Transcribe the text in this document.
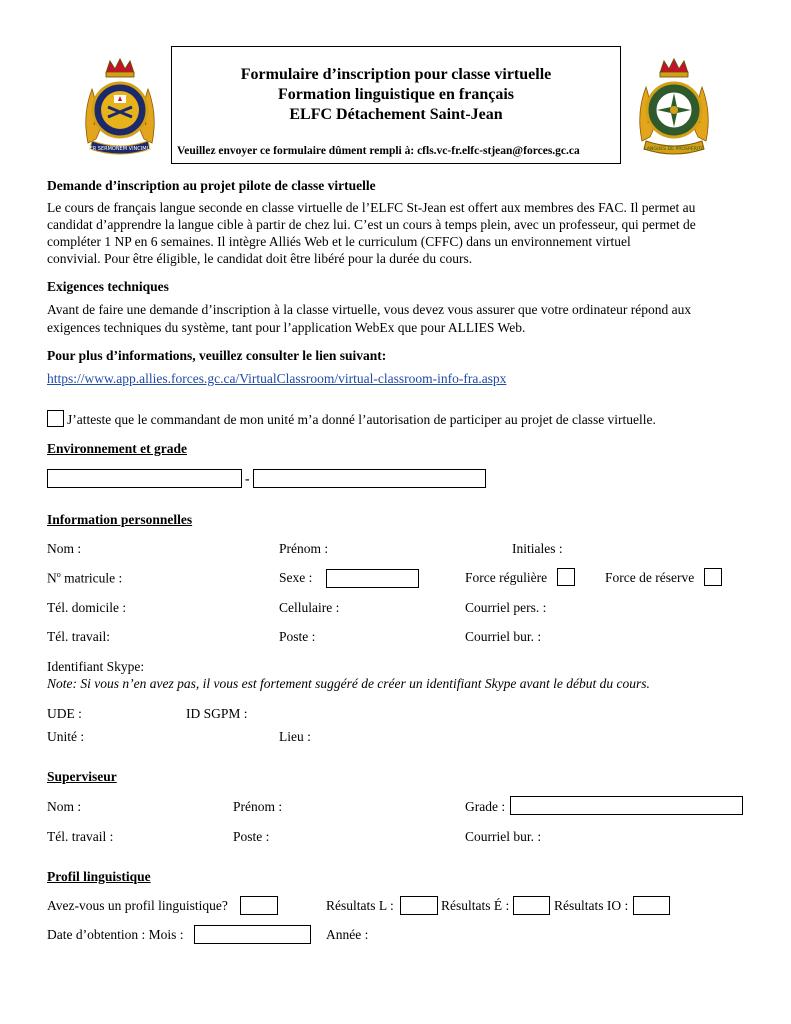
PER SERMONEM VINCIMUS	LANGUES DE PROSPÉRITÉ
Formulaire d’inscription pour classe virtuelle
Formation linguistique en français
ELFC Détachement Saint-Jean
Veuillez envoyer ce formulaire dûment rempli à: cfls.vc-fr.elfc-stjean@forces.gc.ca
Demande d’inscription au projet pilote de classe virtuelle
Le cours de français langue seconde en classe virtuelle de l’ELFC St-Jean est offert aux membres des FAC. Il permet au
candidat d’apprendre la langue cible à partir de chez lui. C’est un cours à temps plein, avec un professeur, qui permet de
compléter 1 NP en 6 semaines. Il intègre Alliés Web et le curriculum (CFFC) dans un environnement virtuel
convivial. Pour être éligible, le candidat doit être libéré pour la durée du cours.
Exigences techniques
Avant de faire une demande d’inscription à la classe virtuelle, vous devez vous assurer que votre ordinateur répond aux
exigences techniques du système, tant pour l’application WebEx que pour ALLIES Web.
Pour plus d’informations, veuillez consulter le lien suivant:
https://www.app.allies.forces.gc.ca/VirtualClassroom/virtual-classroom-info-fra.aspx
J’atteste que le commandant de mon unité m’a donné l’autorisation de participer au projet de classe virtuelle.
Environnement et grade
-
Information personnelles
Nom :	Prénom :	Initiales :
$N^o$ matricule :	Sexe :	Force régulière	Force de réserve
Tél. domicile :	Cellulaire :	Courriel pers. :
Tél. travail:	Poste :	Courriel bur. :
Identifiant Skype:
Note: Si vous n’en avez pas, il vous est fortement suggéré de créer un identifiant Skype avant le début du cours.
UDE :	ID SGPM :
Unité :	Lieu :
Superviseur
Nom :	Prénom :	Grade :
Tél. travail :	Poste :	Courriel bur. :
Profil linguistique
Avez-vous un profil linguistique?	Résultats L :	Résultats É :	Résultats IO :
Date d’obtention : Mois :	Année :
